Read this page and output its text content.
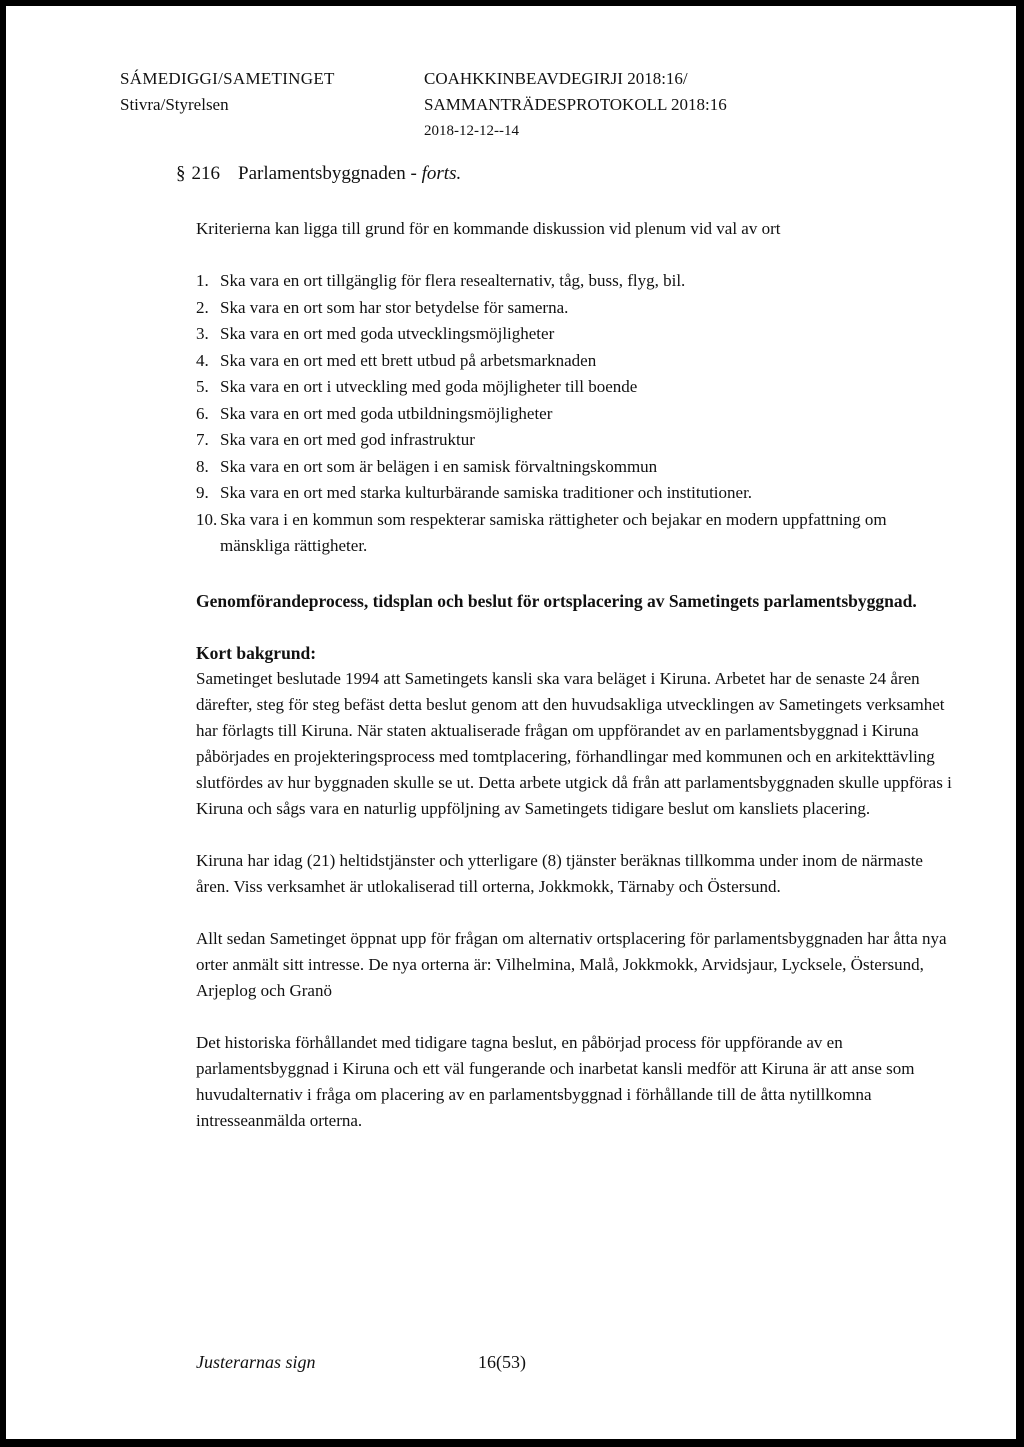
SÁMEDIGGI/SAMETINGET
Stivra/Styrelsen
COAHKKINBEAVDEGIRJI 2018:16/
SAMMANTRÄDESPROTOKOLL 2018:16
2018-12-12--14
§ 216 Parlamentsbyggnaden - forts.

Kriterierna kan ligga till grund för en kommande diskussion vid plenum vid val av ort

1. Ska vara en ort tillgänglig för flera resealternativ, tåg, buss, flyg, bil.
2. Ska vara en ort som har stor betydelse för samerna.
3. Ska vara en ort med goda utvecklingsmöjligheter
4. Ska vara en ort med ett brett utbud på arbetsmarknaden
5. Ska vara en ort i utveckling med goda möjligheter till boende
6. Ska vara en ort med goda utbildningsmöjligheter
7. Ska vara en ort med god infrastruktur
8. Ska vara en ort som är belägen i en samisk förvaltningskommun
9. Ska vara en ort med starka kulturbärande samiska traditioner och institutioner.
10. Ska vara i en kommun som respekterar samiska rättigheter och bejakar en modern uppfattning om mänskliga rättigheter.

Genomförandeprocess, tidsplan och beslut för ortsplacering av Sametingets parlamentsbyggnad.

Kort bakgrund:

Sametinget beslutade 1994 att Sametingets kansli ska vara beläget i Kiruna. Arbetet har de senaste 24 åren därefter, steg för steg befäst detta beslut genom att den huvudsakliga utvecklingen av Sametingets verksamhet har förlagts till Kiruna. När staten aktualiserade frågan om uppförandet av en parlamentsbyggnad i Kiruna påbörjades en projekteringsprocess med tomtplacering, förhandlingar med kommunen och en arkitekttävling slutfördes av hur byggnaden skulle se ut. Detta arbete utgick då från att parlamentsbyggnaden skulle uppföras i Kiruna och sågs vara en naturlig uppföljning av Sametingets tidigare beslut om kansliets placering.

Kiruna har idag (21) heltidstjänster och ytterligare (8) tjänster beräknas tillkomma under inom de närmaste åren. Viss verksamhet är utlokaliserad till orterna, Jokkmokk, Tärnaby och Östersund.

Allt sedan Sametinget öppnat upp för frågan om alternativ ortsplacering för parlamentsbyggnaden har åtta nya orter anmält sitt intresse. De nya orterna är: Vilhelmina, Malå, Jokkmokk, Arvidsjaur, Lycksele, Östersund, Arjeplog och Granö

Det historiska förhållandet med tidigare tagna beslut, en påbörjad process för uppförande av en parlamentsbyggnad i Kiruna och ett väl fungerande och inarbetat kansli medför att Kiruna är att anse som huvudalternativ i fråga om placering av en parlamentsbyggnad i förhållande till de åtta nytillkomna intresseanmälda orterna.

Justerarnas sign	16(53)
